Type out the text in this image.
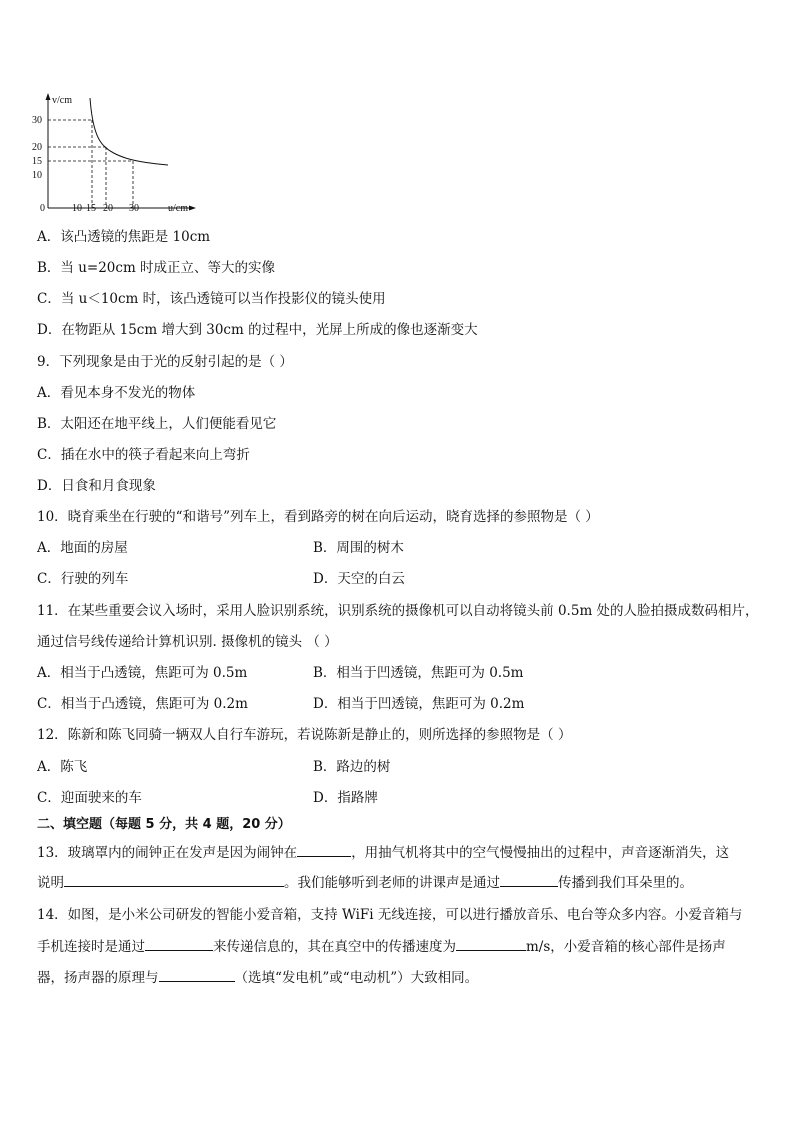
v/cm
u/cm
0
30
20
15
10
10 15 20 30
A．该凸透镜的焦距是 10cm
B．当 u=20cm 时成正立、等大的实像
C．当 u＜10cm 时，该凸透镜可以当作投影仪的镜头使用
D．在物距从 15cm 增大到 30cm 的过程中，光屏上所成的像也逐渐变大
9．下列现象是由于光的反射引起的是（ ）
A．看见本身不发光的物体
B．太阳还在地平线上，人们便能看见它
C．插在水中的筷子看起来向上弯折
D．日食和月食现象
10．晓育乘坐在行驶的“和谐号”列车上，看到路旁的树在向后运动，晓育选择的参照物是（ ）
A．地面的房屋	B．周围的树木
C．行驶的列车	D．天空的白云
11．在某些重要会议入场时，采用人脸识别系统，识别系统的摄像机可以自动将镜头前 0.5m 处的人脸拍摄成数码相片，
通过信号线传递给计算机识别. 摄像机的镜头 （ ）
A．相当于凸透镜，焦距可为 0.5m	B．相当于凹透镜，焦距可为 0.5m
C．相当于凸透镜，焦距可为 0.2m	D．相当于凹透镜，焦距可为 0.2m
12．陈新和陈飞同骑一辆双人自行车游玩，若说陈新是静止的，则所选择的参照物是（ ）
A．陈飞	B．路边的树
C．迎面驶来的车	D．指路牌
二、填空题（每题 5 分，共 4 题，20 分）
13．玻璃罩内的闹钟正在发声是因为闹钟在	，用抽气机将其中的空气慢慢抽出的过程中，声音逐渐消失，这
说明	。我们能够听到老师的讲课声是通过	传播到我们耳朵里的。
14．如图，是小米公司研发的智能小爱音箱，支持 WiFi 无线连接，可以进行播放音乐、电台等众多内容。小爱音箱与
手机连接时是通过	来传递信息的，其在真空中的传播速度为	m/s，小爱音箱的核心部件是扬声
器，扬声器的原理与	（选填“发电机”或“电动机”）大致相同。
